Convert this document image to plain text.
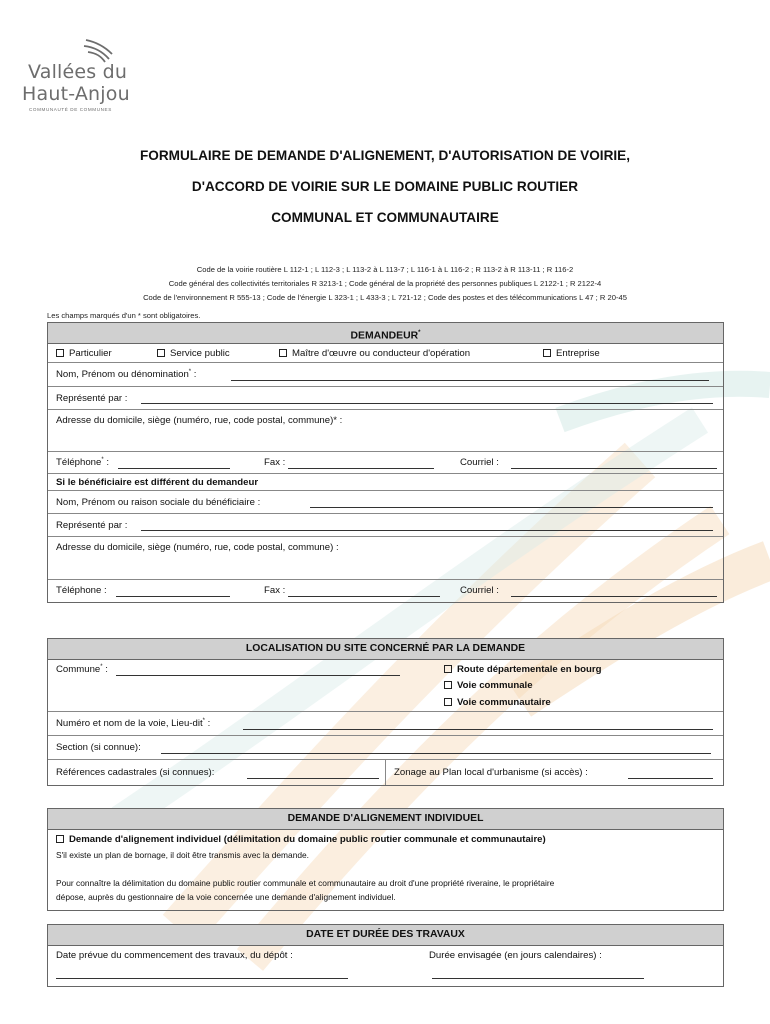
Vallées du
Haut-Anjou
COMMUNAUTÉ DE COMMUNES
FORMULAIRE DE DEMANDE D'ALIGNEMENT, D'AUTORISATION DE VOIRIE,
D'ACCORD DE VOIRIE SUR LE DOMAINE PUBLIC ROUTIER
COMMUNAL ET COMMUNAUTAIRE
Code de la voirie routière L 112-1 ; L 112-3 ; L 113-2 à L 113-7 ; L 116-1 à L 116-2 ; R 113-2 à R 113-11 ; R 116-2
Code général des collectivités territoriales R 3213-1 ; Code général de la propriété des personnes publiques L 2122-1 ; R 2122-4
Code de l'environnement R 555-13 ; Code de l'énergie L 323-1 ; L 433-3 ; L 721-12 ; Code des postes et des télécommunications L 47 ; R 20-45
Les champs marqués d'un * sont obligatoires.
DEMANDEUR*
Particulier	Service public	Maître d'œuvre ou conducteur d'opération	Entreprise
Nom, Prénom ou dénomination* :
Représenté par :
Adresse du domicile, siège (numéro, rue, code postal, commune)* :
Téléphone* :	Fax :	Courriel :
Si le bénéficiaire est différent du demandeur
Nom, Prénom ou raison sociale du bénéficiaire :
Représenté par :
Adresse du domicile, siège (numéro, rue, code postal, commune) :
Téléphone :	Fax :	Courriel :
LOCALISATION DU SITE CONCERNÉ PAR LA DEMANDE
Commune* :	Route départementale en bourg
Voie communale
Voie communautaire
Numéro et nom de la voie, Lieu-dit* :
Section (si connue):
Références cadastrales (si connues):	Zonage au Plan local d'urbanisme (si accès) :
DEMANDE D'ALIGNEMENT INDIVIDUEL
Demande d'alignement individuel (délimitation du domaine public routier communale et communautaire)
S'il existe un plan de bornage, il doit être transmis avec la demande.
Pour connaître la délimitation du domaine public routier communale et communautaire au droit d'une propriété riveraine, le propriétaire
dépose, auprès du gestionnaire de la voie concernée une demande d'alignement individuel.
DATE ET DURÉE DES TRAVAUX
Date prévue du commencement des travaux, du dépôt :	Durée envisagée (en jours calendaires) :
